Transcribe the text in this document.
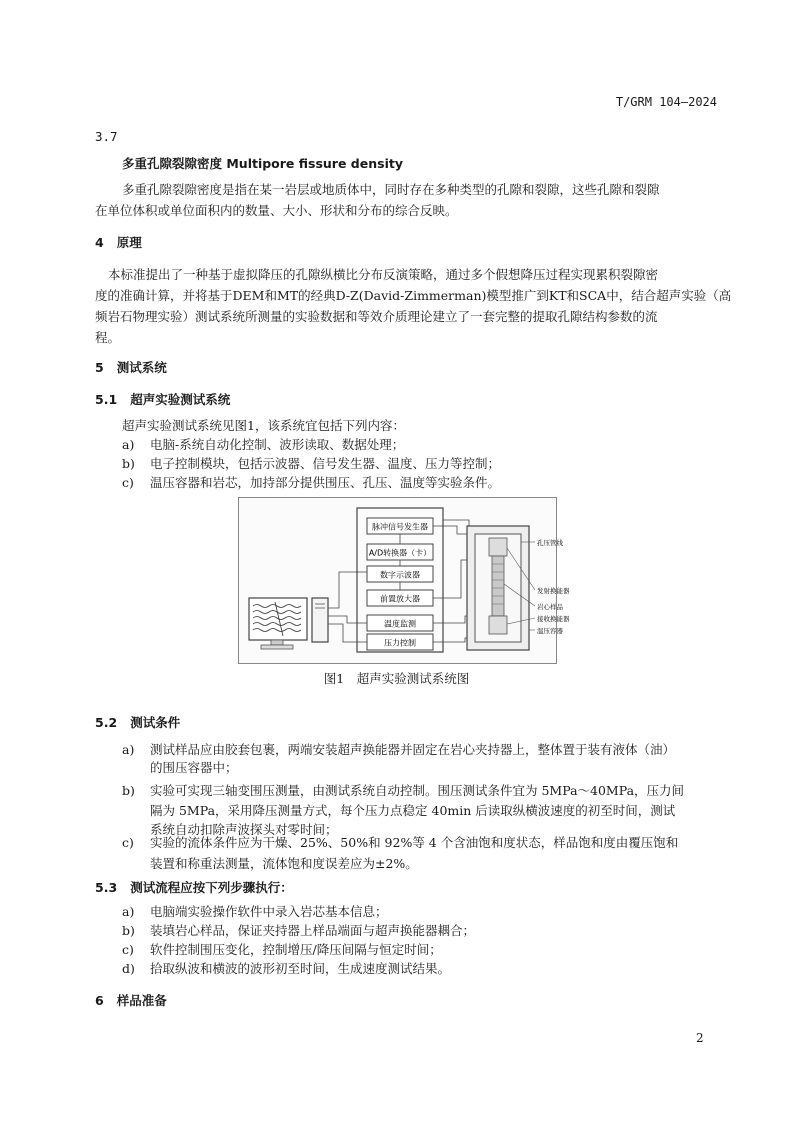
T/GRM 104—2024
3.7
多重孔隙裂隙密度 Multipore fissure density
多重孔隙裂隙密度是指在某一岩层或地质体中，同时存在多种类型的孔隙和裂隙，这些孔隙和裂隙
在单位体积或单位面积内的数量、大小、形状和分布的综合反映。
4 原理
本标准提出了一种基于虚拟降压的孔隙纵横比分布反演策略，通过多个假想降压过程实现累积裂隙密
度的准确计算，并将基于DEM和MT的经典D-Z(David-Zimmerman)模型推广到KT和SCA中，结合超声实验（高
频岩石物理实验）测试系统所测量的实验数据和等效介质理论建立了一套完整的提取孔隙结构参数的流
程。
5 测试系统
5.1 超声实验测试系统
超声实验测试系统见图1，该系统宜包括下列内容：
a) 电脑-系统自动化控制、波形读取、数据处理；
b) 电子控制模块，包括示波器、信号发生器、温度、压力等控制；
c) 温压容器和岩芯，加持部分提供围压、孔压、温度等实验条件。
脉冲信号发生器
A/D转换器（卡）
数字示波器
前置放大器
温度监测
压力控制
孔压管线
发射换能器
岩心样品
接收换能器
温压容器
图1　超声实验测试系统图
5.2 测试条件
a) 测试样品应由胶套包裹，两端安装超声换能器并固定在岩心夹持器上，整体置于装有液体（油）
的围压容器中；
b) 实验可实现三轴变围压测量，由测试系统自动控制。围压测试条件宜为 5MPa～40MPa，压力间
隔为 5MPa，采用降压测量方式，每个压力点稳定 40min 后读取纵横波速度的初至时间，测试
系统自动扣除声波探头对零时间；
c) 实验的流体条件应为干燥、25%、50%和 92%等 4 个含油饱和度状态，样品饱和度由覆压饱和
装置和称重法测量，流体饱和度误差应为±2%。
5.3 测试流程应按下列步骤执行：
a) 电脑端实验操作软件中录入岩芯基本信息；
b) 装填岩心样品，保证夹持器上样品端面与超声换能器耦合；
c) 软件控制围压变化，控制增压/降压间隔与恒定时间；
d) 拾取纵波和横波的波形初至时间，生成速度测试结果。
6 样品准备
2
